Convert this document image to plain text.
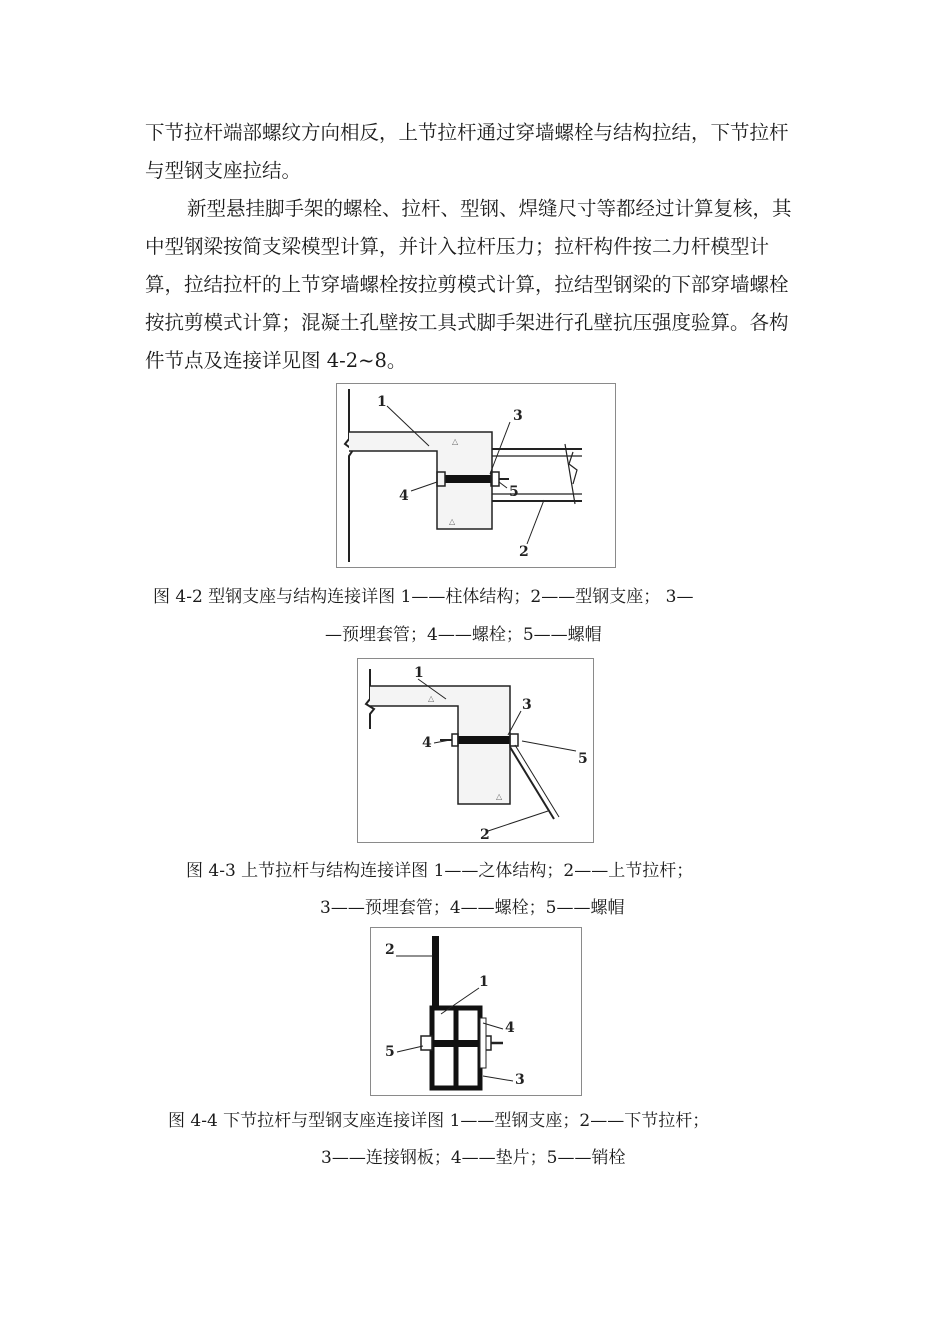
下节拉杆端部螺纹方向相反，上节拉杆通过穿墙螺栓与结构拉结，下节拉杆与型钢支座拉结。

新型悬挂脚手架的螺栓、拉杆、型钢、焊缝尺寸等都经过计算复核，其中型钢梁按简支梁模型计算，并计入拉杆压力；拉杆构件按二力杆模型计算，拉结拉杆的上节穿墙螺栓按拉剪模式计算，拉结型钢梁的下部穿墙螺栓按抗剪模式计算；混凝土孔壁按工具式脚手架进行孔壁抗压强度验算。各构件节点及连接详见图 4-2~8。

△
△
1
3
4	5
2
图 4-2 型钢支座与结构连接详图 1——柱体结构；2——型钢支座； 3—
—预埋套管；4——螺栓；5——螺帽
△
△
1
3
4
5
2
图 4-3 上节拉杆与结构连接详图 1——之体结构；2——上节拉杆；
3——预埋套管；4——螺栓；5——螺帽
2
1
4
5
3
图 4-4 下节拉杆与型钢支座连接详图 1——型钢支座；2——下节拉杆；
3——连接钢板；4——垫片；5——销栓
